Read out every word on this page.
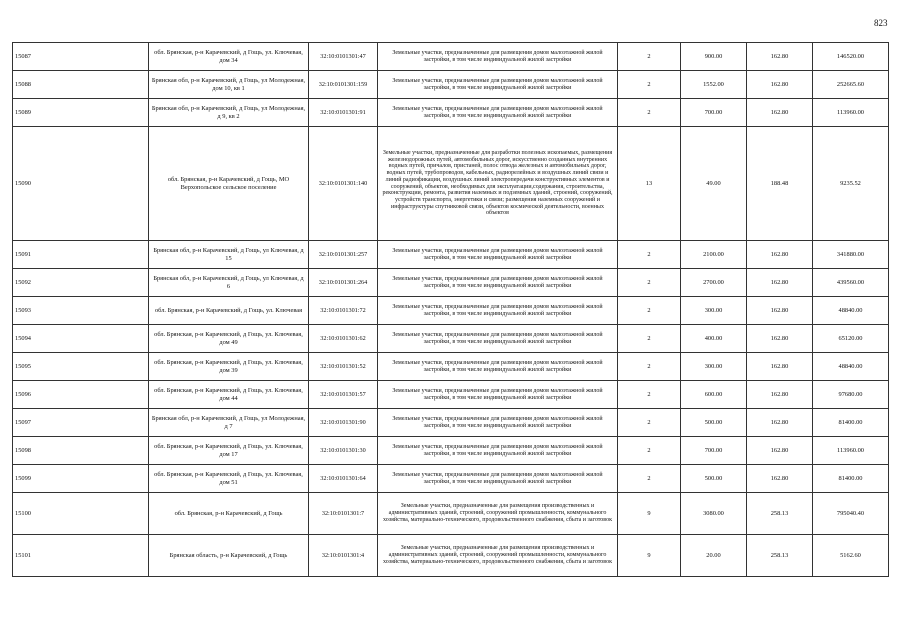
823
15087	обл. Брянская, р-н Карачевский, д Гощь, ул. Ключевая, дом 34	32:10:0101301:47	Земельные участки, предназначенные для размещения домов малоэтажной жилой застройки, в том числе индивидуальной жилой застройки	2	900.00	162.80	146520.00
15088	Брянская обл, р-н Карачевский, д Гощь, ул Молодежная, дом 10, кв 1	32:10:0101301:159	Земельные участки, предназначенные для размещения домов малоэтажной жилой застройки, в том числе индивидуальной жилой застройки	2	1552.00	162.80	252665.60
15089	Брянская обл, р-н Карачевский, д Гощь, ул Молодежная, д 9, кв 2	32:10:0101301:91	Земельные участки, предназначенные для размещения домов малоэтажной жилой застройки, в том числе индивидуальной жилой застройки	2	700.00	162.80	113960.00
15090	обл. Брянская, р-н Карачевский, д Гощь, МО Верхопольское сельское поселение	32:10:0101301:140	Земельные участки, предназначенные для разработки полезных ископаемых, размещения железнодорожных путей, автомобильных дорог, искусственно созданных внутренних водных путей, причалов, пристаней, полос отвода железных и автомобильных дорог, водных путей, трубопроводов, кабельных, радиорелейных и воздушных линий связи и линий радиофикации, воздушных линий электропередачи конструктивных элементов и сооружений, объектов, необходимых для эксплуатации,содержания, строительства, реконструкции, ремонта, развития наземных и подземных зданий, строений, сооружений, устройств транспорта, энергетики и связи; размещения наземных сооружений и инфраструктуры спутниковой связи, объектов космической деятельности, военных объектов	13	49.00	188.48	9235.52
15091	Брянская обл, р-н Карачевский, д Гощь, ул Ключевая, д 15	32:10:0101301:257	Земельные участки, предназначенные для размещения домов малоэтажной жилой застройки, в том числе индивидуальной жилой застройки	2	2100.00	162.80	341880.00
15092	Брянская обл, р-н Карачевский, д Гощь, ул Ключевая, д 6	32:10:0101301:264	Земельные участки, предназначенные для размещения домов малоэтажной жилой застройки, в том числе индивидуальной жилой застройки	2	2700.00	162.80	439560.00
15093	обл. Брянская, р-н Карачевский, д Гощь, ул. Ключевая	32:10:0101301:72	Земельные участки, предназначенные для размещения домов малоэтажной жилой застройки, в том числе индивидуальной жилой застройки	2	300.00	162.80	48840.00
15094	обл. Брянская, р-н Карачевский, д Гощь, ул. Ключевая, дом 49	32:10:0101301:62	Земельные участки, предназначенные для размещения домов малоэтажной жилой застройки, в том числе индивидуальной жилой застройки	2	400.00	162.80	65120.00
15095	обл. Брянская, р-н Карачевский, д Гощь, ул. Ключевая, дом 39	32:10:0101301:52	Земельные участки, предназначенные для размещения домов малоэтажной жилой застройки, в том числе индивидуальной жилой застройки	2	300.00	162.80	48840.00
15096	обл. Брянская, р-н Карачевский, д Гощь, ул. Ключевая, дом 44	32:10:0101301:57	Земельные участки, предназначенные для размещения домов малоэтажной жилой застройки, в том числе индивидуальной жилой застройки	2	600.00	162.80	97680.00
15097	Брянская обл, р-н Карачевский, д Гощь, ул Молодежная, д 7	32:10:0101301:90	Земельные участки, предназначенные для размещения домов малоэтажной жилой застройки, в том числе индивидуальной жилой застройки	2	500.00	162.80	81400.00
15098	обл. Брянская, р-н Карачевский, д Гощь, ул. Ключевая, дом 17	32:10:0101301:30	Земельные участки, предназначенные для размещения домов малоэтажной жилой застройки, в том числе индивидуальной жилой застройки	2	700.00	162.80	113960.00
15099	обл. Брянская, р-н Карачевский, д Гощь, ул. Ключевая, дом 51	32:10:0101301:64	Земельные участки, предназначенные для размещения домов малоэтажной жилой застройки, в том числе индивидуальной жилой застройки	2	500.00	162.80	81400.00
15100	обл. Брянская, р-н Карачевский, д Гощь	32:10:0101301:7	Земельные участки, предназначенные для размещения производственных и административных зданий, строений, сооружений промышленности, коммунального хозяйства, материально-технического, продовольственного снабжения, сбыта и заготовок	9	3080.00	258.13	795040.40
15101	Брянская область, р-н Карачевский, д Гощь	32:10:0101301:4	Земельные участки, предназначенные для размещения производственных и административных зданий, строений, сооружений промышленности, коммунального хозяйства, материально-технического, продовольственного снабжения, сбыта и заготовок	9	20.00	258.13	5162.60
